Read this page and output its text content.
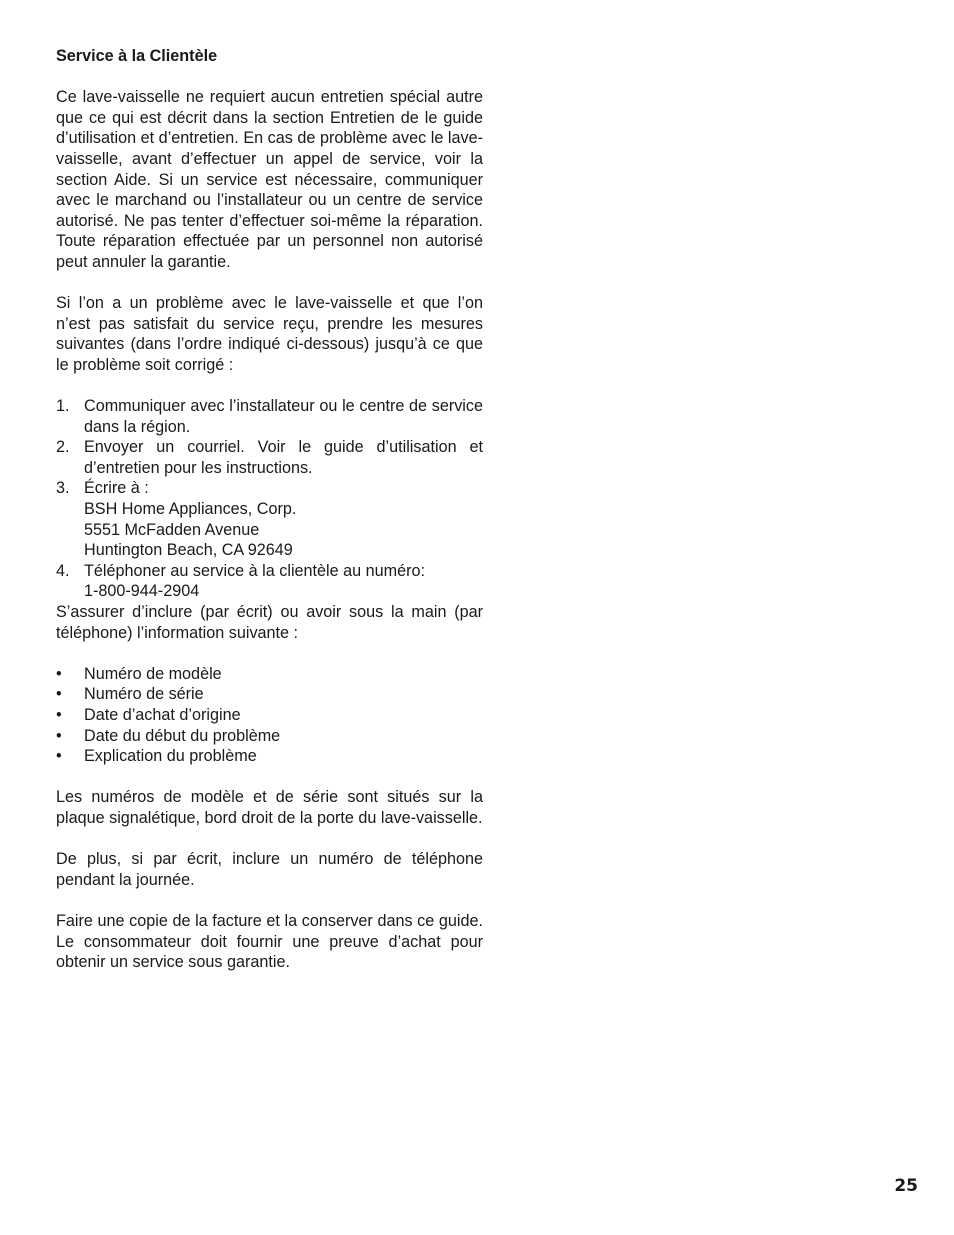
Service à la Clientèle

Ce lave-vaisselle ne requiert aucun entretien spécial autre que ce qui est décrit dans la section Entretien de le guide d’utilisation et d’entretien. En cas de problème avec le lave-vaisselle, avant d’effectuer un appel de service, voir la section Aide. Si un service est nécessaire, communiquer avec le marchand ou l’installateur ou un centre de service autorisé. Ne pas tenter d’effectuer soi-même la réparation. Toute réparation effectuée par un personnel non autorisé peut annuler la garantie.

Si l’on a un problème avec le lave-vaisselle et que l’on n’est pas satisfait du service reçu, prendre les mesures suivantes (dans l’ordre indiqué ci-dessous) jusqu’à ce que le problème soit corrigé :

1. Communiquer avec l’installateur ou le centre de service dans la région.
2. Envoyer un courriel. Voir le guide d’utilisation et d’entretien pour les instructions.
3. Écrire à :
BSH Home Appliances, Corp.
5551 McFadden Avenue
Huntington Beach, CA 92649
4. Téléphoner au service à la clientèle au numéro:
1-800-944-2904

S’assurer d’inclure (par écrit) ou avoir sous la main (par téléphone) l’information suivante :

• Numéro de modèle
• Numéro de série
• Date d’achat d’origine
• Date du début du problème
• Explication du problème

Les numéros de modèle et de série sont situés sur la plaque signalétique, bord droit de la porte du lave-vaisselle.

De plus, si par écrit, inclure un numéro de téléphone pendant la journée.

Faire une copie de la facture et la conserver dans ce guide. Le consommateur doit fournir une preuve d’achat pour obtenir un service sous garantie.

25
